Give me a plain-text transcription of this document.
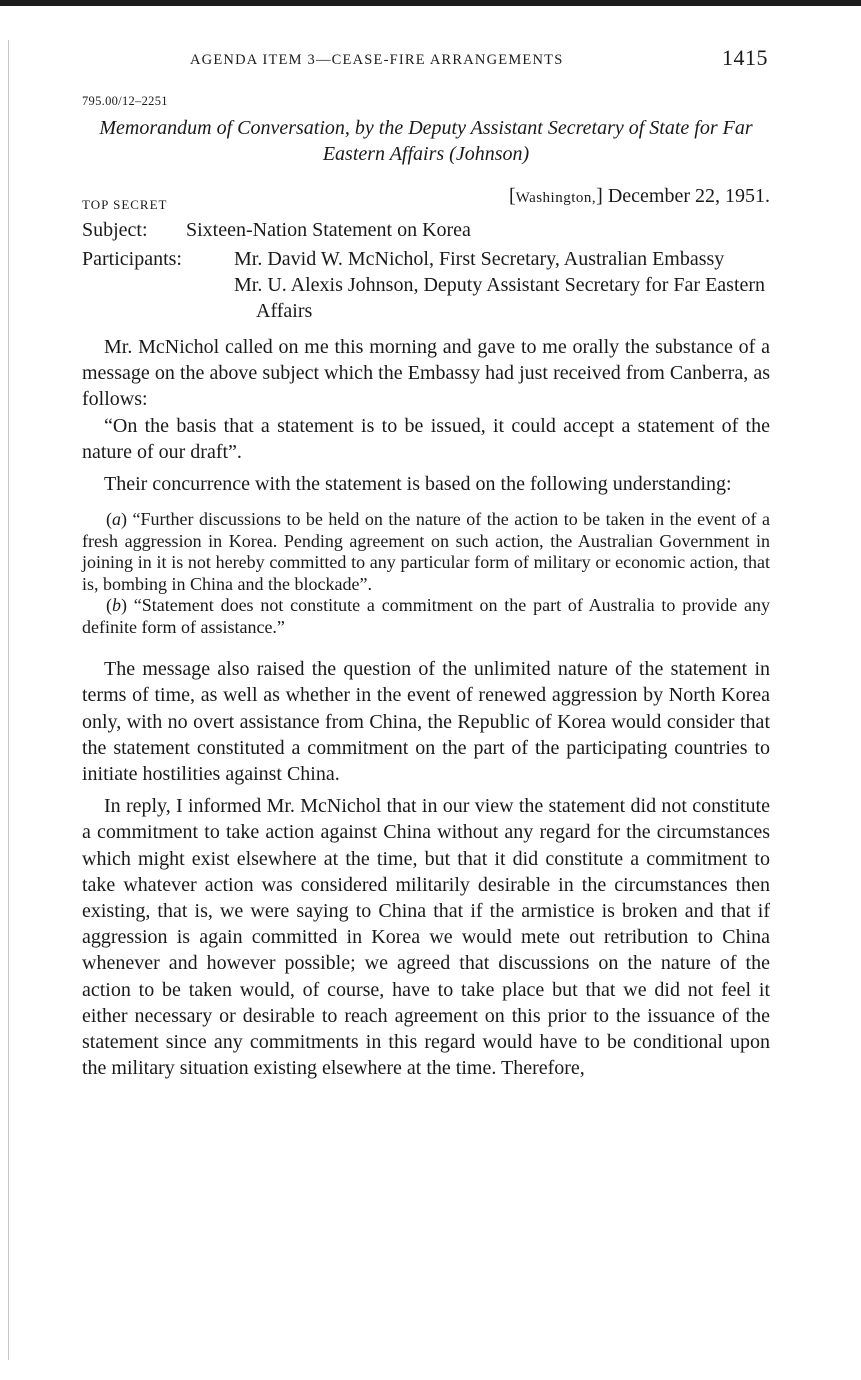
AGENDA ITEM 3—CEASE-FIRE ARRANGEMENTS	1415
795.00/12–2251
Memorandum of Conversation, by the Deputy Assistant Secretary of State for Far Eastern Affairs (Johnson)
TOP SECRET	[Washington,] December 22, 1951.
Subject:	Sixteen-Nation Statement on Korea
Participants:	Mr. David W. McNichol, First Secretary, Australian Embassy
Mr. U. Alexis Johnson, Deputy Assistant Secretary for Far Eastern Affairs

Mr. McNichol called on me this morning and gave to me orally the substance of a message on the above subject which the Embassy had just received from Canberra, as follows:

“On the basis that a statement is to be issued, it could accept a statement of the nature of our draft”.

Their concurrence with the statement is based on the following understanding:

(a) “Further discussions to be held on the nature of the action to be taken in the event of a fresh aggression in Korea. Pending agreement on such action, the Australian Government in joining in it is not hereby committed to any particular form of military or economic action, that is, bombing in China and the blockade”.

(b) “Statement does not constitute a commitment on the part of Australia to provide any definite form of assistance.”

The message also raised the question of the unlimited nature of the statement in terms of time, as well as whether in the event of renewed aggression by North Korea only, with no overt assistance from China, the Republic of Korea would consider that the statement constituted a commitment on the part of the participating countries to initiate hostilities against China.

In reply, I informed Mr. McNichol that in our view the statement did not constitute a commitment to take action against China without any regard for the circumstances which might exist elsewhere at the time, but that it did constitute a commitment to take whatever action was considered militarily desirable in the circumstances then existing, that is, we were saying to China that if the armistice is broken and that if aggression is again committed in Korea we would mete out retribution to China whenever and however possible; we agreed that discussions on the nature of the action to be taken would, of course, have to take place but that we did not feel it either necessary or desirable to reach agreement on this prior to the issuance of the statement since any commitments in this regard would have to be conditional upon the military situation existing elsewhere at the time. Therefore,
